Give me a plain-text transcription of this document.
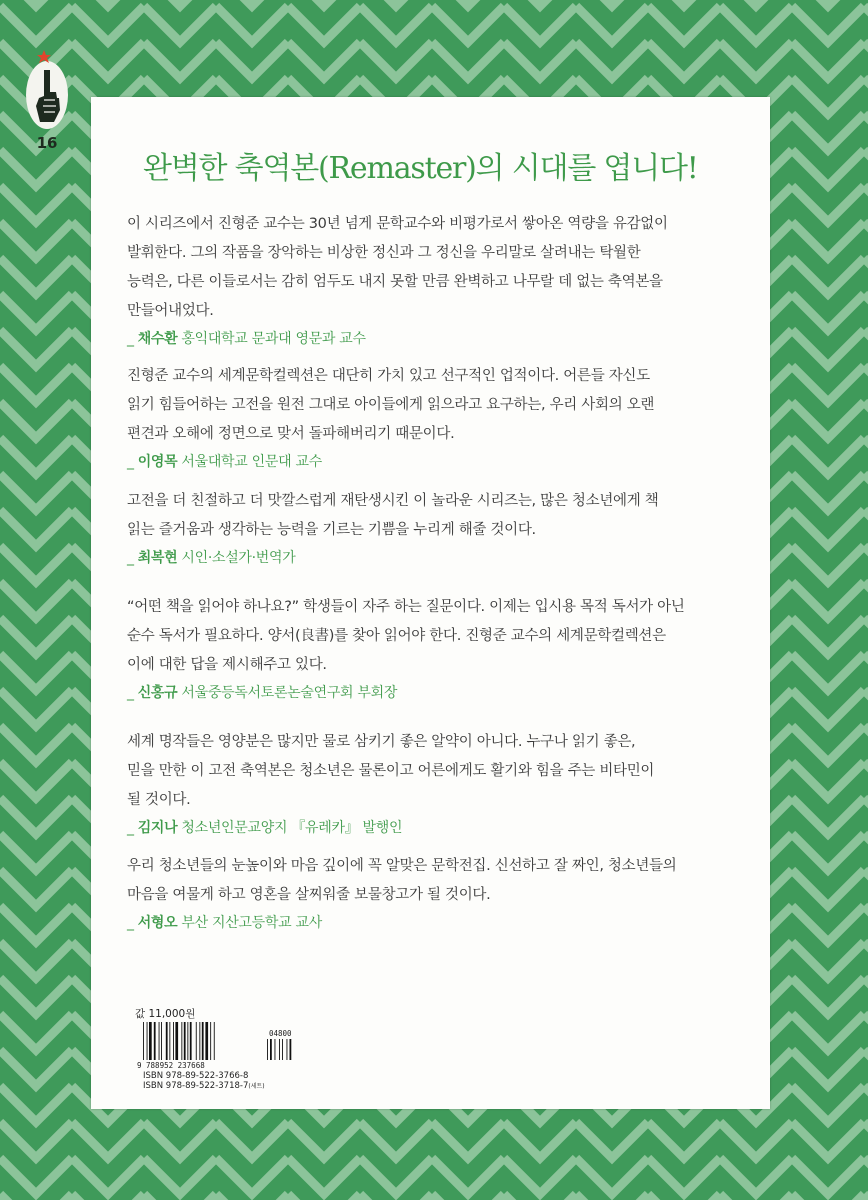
16
완벽한 축역본(Remaster)의 시대를 엽니다!

이 시리즈에서 진형준 교수는 30년 넘게 문학교수와 비평가로서 쌓아온 역량을 유감없이
발휘한다. 그의 작품을 장악하는 비상한 정신과 그 정신을 우리말로 살려내는 탁월한
능력은, 다른 이들로서는 감히 엄두도 내지 못할 만큼 완벽하고 나무랄 데 없는 축역본을
만들어내었다.

_ 채수환 홍익대학교 문과대 영문과 교수

진형준 교수의 세계문학컬렉션은 대단히 가치 있고 선구적인 업적이다. 어른들 자신도
읽기 힘들어하는 고전을 원전 그대로 아이들에게 읽으라고 요구하는, 우리 사회의 오랜
편견과 오해에 정면으로 맞서 돌파해버리기 때문이다.

_ 이영목 서울대학교 인문대 교수

고전을 더 친절하고 더 맛깔스럽게 재탄생시킨 이 놀라운 시리즈는, 많은 청소년에게 책
읽는 즐거움과 생각하는 능력을 기르는 기쁨을 누리게 해줄 것이다.

_ 최복현 시인·소설가·번역가

“어떤 책을 읽어야 하나요?” 학생들이 자주 하는 질문이다. 이제는 입시용 목적 독서가 아닌
순수 독서가 필요하다. 양서(良書)를 찾아 읽어야 한다. 진형준 교수의 세계문학컬렉션은
이에 대한 답을 제시해주고 있다.

_ 신홍규 서울중등독서토론논술연구회 부회장

세계 명작들은 영양분은 많지만 물로 삼키기 좋은 알약이 아니다. 누구나 읽기 좋은,
믿을 만한 이 고전 축역본은 청소년은 물론이고 어른에게도 활기와 힘을 주는 비타민이
될 것이다.

_ 김지나 청소년인문교양지 『유레카』 발행인

우리 청소년들의 눈높이와 마음 깊이에 꼭 알맞은 문학전집. 신선하고 잘 짜인, 청소년들의
마음을 여물게 하고 영혼을 살찌워줄 보물창고가 될 것이다.

_ 서형오 부산 지산고등학교 교사
값 11,000원
9 788952 237668
04800
ISBN 978-89-522-3766-8
ISBN 978-89-522-3718-7(세트)
